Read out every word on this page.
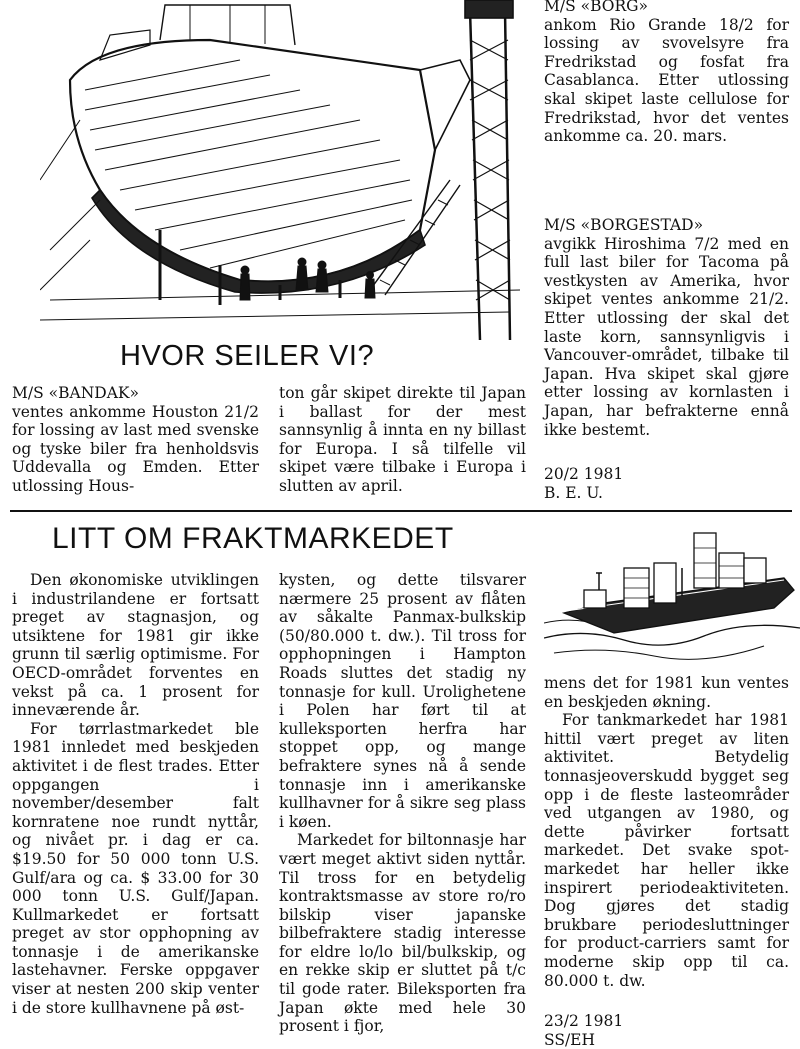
HVOR SEILER VI?

M/S «BORG»

ankom Rio Grande 18/2 for lossing av svovelsyre fra Fredrikstad og fosfat fra Casablanca. Etter utlossing skal skipet laste cellulose for Fredrikstad, hvor det ventes ankomme ca. 20. mars.

M/S «BORGESTAD»

avgikk Hiroshima 7/2 med en full last biler for Tacoma på vestkysten av Amerika, hvor skipet ventes ankomme 21/2. Etter utlossing der skal det laste korn, sannsynligvis i Vancouver-området, tilbake til Japan. Hva skipet skal gjøre etter lossing av kornlasten i Japan, har befrakterne ennå ikke bestemt.

20/2 1981

B. E. U.

M/S «BANDAK»

ventes ankomme Houston 21/2 for lossing av last med svenske og tyske biler fra henholdsvis Uddevalla og Emden. Etter utlossing Hous-

ton går skipet direkte til Japan i ballast for der mest sannsynlig å innta en ny billast for Europa. I så tilfelle vil skipet være tilbake i Europa i slutten av april.

LITT OM FRAKTMARKEDET

Den økonomiske utviklingen i industrilandene er fortsatt preget av stagnasjon, og utsiktene for 1981 gir ikke grunn til særlig optimisme. For OECD-området forventes en vekst på ca. 1 prosent for inneværende år.

For tørrlastmarkedet ble 1981 innledet med beskjeden aktivitet i de flest trades. Etter oppgangen i november/desember falt kornratene noe rundt nyttår, og nivået pr. i dag er ca. $19.50 for 50 000 tonn U.S. Gulf/ara og ca. $ 33.00 for 30 000 tonn U.S. Gulf/Japan. Kullmarkedet er fortsatt preget av stor opphopning av tonnasje i de amerikanske lastehavner. Ferske oppgaver viser at nesten 200 skip venter i de store kullhavnene på øst-

kysten, og dette tilsvarer nærmere 25 prosent av flåten av såkalte Panmax-bulkskip (50/80.000 t. dw.). Til tross for opphopningen i Hampton Roads sluttes det stadig ny tonnasje for kull. Urolighetene i Polen har ført til at kulleksporten herfra har stoppet opp, og mange befraktere synes nå å sende tonnasje inn i amerikanske kullhavner for å sikre seg plass i køen.

Markedet for biltonnasje har vært meget aktivt siden nyttår. Til tross for en betydelig kontraktsmasse av store ro/ro bilskip viser japanske bilbefraktere stadig interesse for eldre lo/lo bil/bulkskip, og en rekke skip er sluttet på t/c til gode rater. Bileksporten fra Japan økte med hele 30 prosent i fjor,

mens det for 1981 kun ventes en beskjeden økning.

For tankmarkedet har 1981 hittil vært preget av liten aktivitet. Betydelig tonnasjeoverskudd bygget seg opp i de fleste lasteområder ved utgangen av 1980, og dette påvirker fortsatt markedet. Det svake spot-markedet har heller ikke inspirert periodeaktiviteten. Dog gjøres det stadig brukbare periodesluttninger for product-carriers samt for moderne skip opp til ca. 80.000 t. dw.

23/2 1981

SS/EH
